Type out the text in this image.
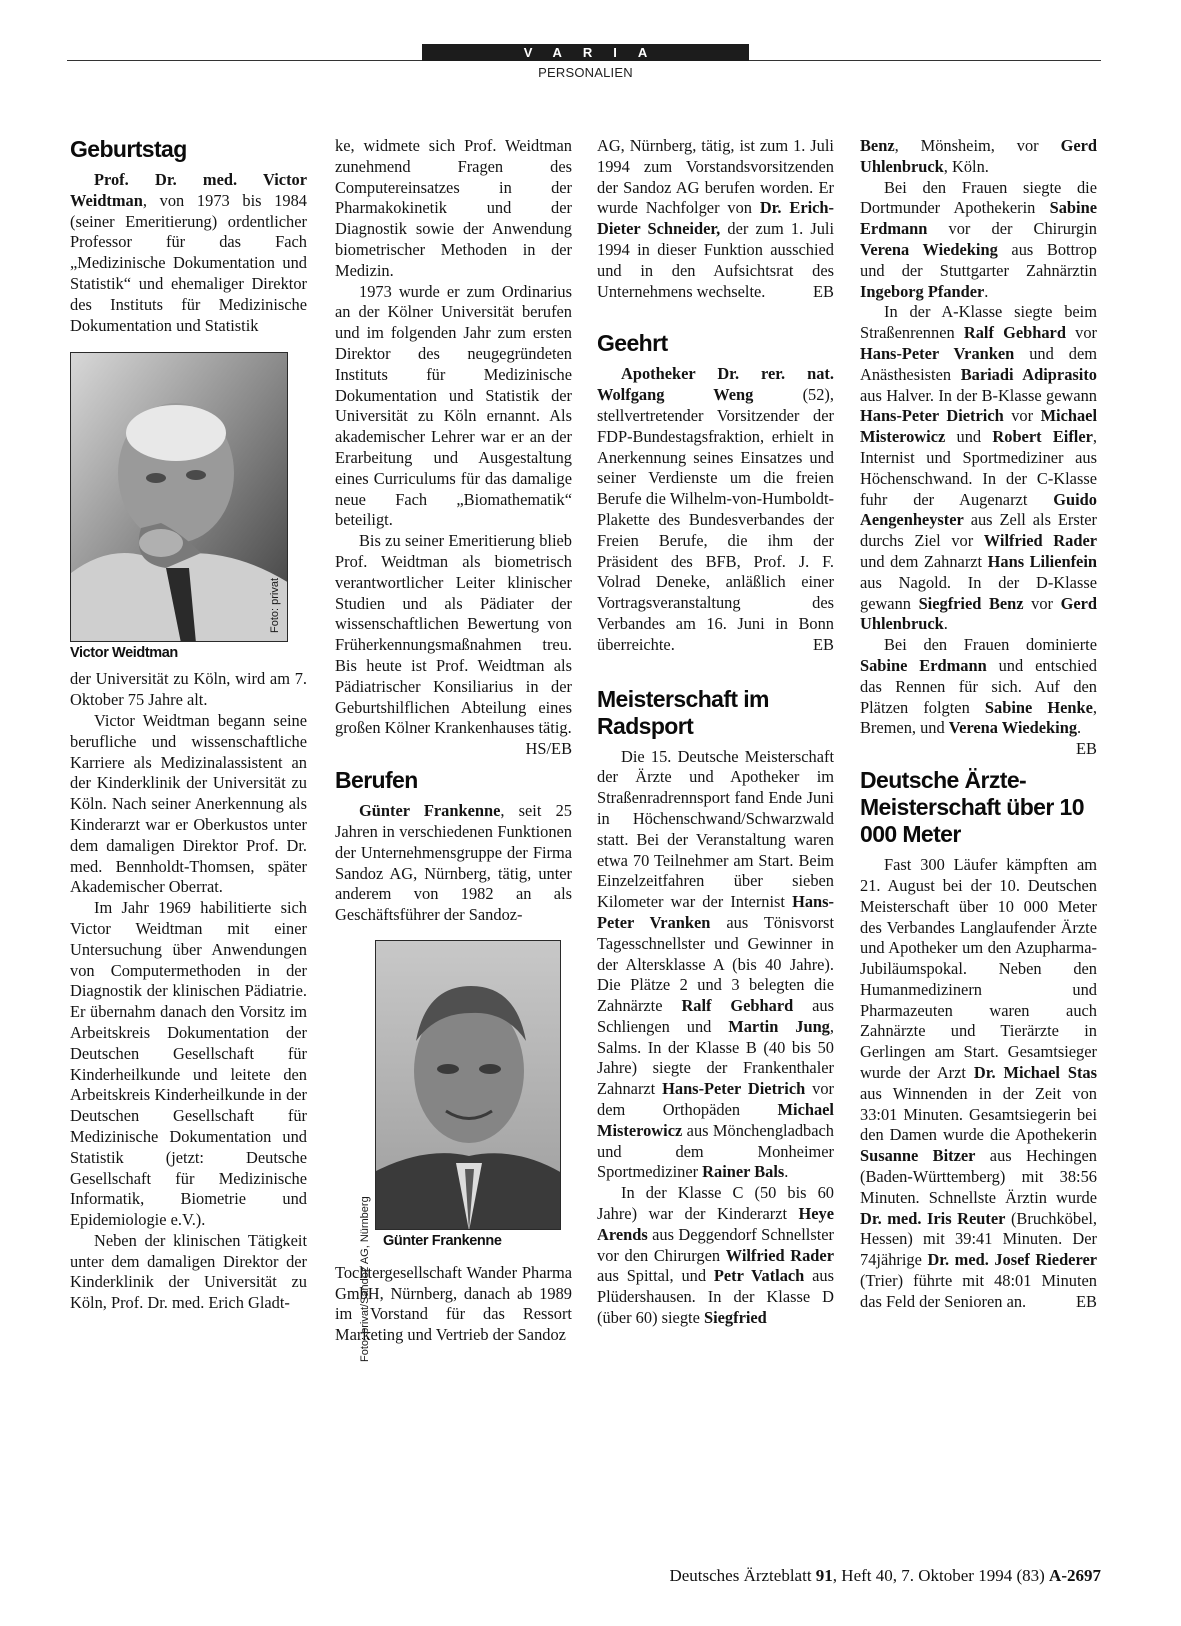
VARIA
PERSONALIEN
Geburtstag

Prof. Dr. med. Victor Weidtman, von 1973 bis 1984 (seiner Emeritierung) ordentlicher Professor für das Fach „Medizinische Dokumentation und Statistik“ und ehemaliger Direktor des Instituts für Medizinische Dokumentation und Statistik

Foto: privat
Victor Weidtman

der Universität zu Köln, wird am 7. Oktober 75 Jahre alt.

Victor Weidtman begann seine berufliche und wissenschaftliche Karriere als Medizinalassistent an der Kinderklinik der Universität zu Köln. Nach seiner Anerkennung als Kinderarzt war er Oberkustos unter dem damaligen Direktor Prof. Dr. med. Bennholdt-Thomsen, später Akademischer Oberrat.

Im Jahr 1969 habilitierte sich Victor Weidtman mit einer Untersuchung über Anwendungen von Computermethoden in der Diagnostik der klinischen Pädiatrie. Er übernahm danach den Vorsitz im Arbeitskreis Dokumentation der Deutschen Gesellschaft für Kinderheilkunde und leitete den Arbeitskreis Kinderheilkunde in der Deutschen Gesellschaft für Medizinische Dokumentation und Statistik (jetzt: Deutsche Gesellschaft für Medizinische Informatik, Biometrie und Epidemiologie e.V.).

Neben der klinischen Tätigkeit unter dem damaligen Direktor der Kinderklinik der Universität zu Köln, Prof. Dr. med. Erich Gladt-

ke, widmete sich Prof. Weidtman zunehmend Fragen des Computereinsatzes in der Pharmakokinetik und der Diagnostik sowie der Anwendung biometrischer Methoden in der Medizin.

1973 wurde er zum Ordinarius an der Kölner Universität berufen und im folgenden Jahr zum ersten Direktor des neugegründeten Instituts für Medizinische Dokumentation und Statistik der Universität zu Köln ernannt. Als akademischer Lehrer war er an der Erarbeitung und Ausgestaltung eines Curriculums für das damalige neue Fach „Biomathematik“ beteiligt.

Bis zu seiner Emeritierung blieb Prof. Weidtman als biometrisch verantwortlicher Leiter klinischer Studien und als Pädiater der wissenschaftlichen Bewertung von Früherkennungsmaßnahmen treu. Bis heute ist Prof. Weidtman als Pädiatrischer Konsiliarius in der Geburtshilflichen Abteilung eines großen Kölner Krankenhauses tätig.
HS/EB

Berufen

Günter Frankenne, seit 25 Jahren in verschiedenen Funktionen der Unternehmensgruppe der Firma Sandoz AG, Nürnberg, tätig, unter anderem von 1982 an als Geschäftsführer der Sandoz-

Günter Frankenne

Tochtergesellschaft Wander Pharma GmbH, Nürnberg, danach ab 1989 im Vorstand für das Ressort Marketing und Vertrieb der Sandoz

Foto: privat/Sandoz AG, Nürnberg

AG, Nürnberg, tätig, ist zum 1. Juli 1994 zum Vorstandsvorsitzenden der Sandoz AG berufen worden. Er wurde Nachfolger von Dr. Erich-Dieter Schneider, der zum 1. Juli 1994 in dieser Funktion ausschied und in den Aufsichtsrat des Unternehmens wechselte.	EB

Geehrt

Apotheker Dr. rer. nat. Wolfgang Weng (52), stellvertretender Vorsitzender der FDP-Bundestagsfraktion, erhielt in Anerkennung seines Einsatzes und seiner Verdienste um die freien Berufe die Wilhelm-von-Humboldt-Plakette des Bundesverbandes der Freien Berufe, die ihm der Präsident des BFB, Prof. J. F. Volrad Deneke, anläßlich einer Vortragsveranstaltung des Verbandes am 16. Juni in Bonn überreichte.	EB

Meisterschaft im Radsport

Die 15. Deutsche Meisterschaft der Ärzte und Apotheker im Straßenradrennsport fand Ende Juni in Höchenschwand/Schwarzwald statt. Bei der Veranstaltung waren etwa 70 Teilnehmer am Start. Beim Einzelzeitfahren über sieben Kilometer war der Internist Hans-Peter Vranken aus Tönisvorst Tagesschnellster und Gewinner in der Altersklasse A (bis 40 Jahre). Die Plätze 2 und 3 belegten die Zahnärzte Ralf Gebhard aus Schliengen und Martin Jung, Salms. In der Klasse B (40 bis 50 Jahre) siegte der Frankenthaler Zahnarzt Hans-Peter Dietrich vor dem Orthopäden Michael Misterowicz aus Mönchengladbach und dem Monheimer Sportmediziner Rainer Bals.

In der Klasse C (50 bis 60 Jahre) war der Kinderarzt Heye Arends aus Deggendorf Schnellster vor den Chirurgen Wilfried Rader aus Spittal, und Petr Vatlach aus Plüdershausen. In der Klasse D (über 60) siegte Siegfried

Benz, Mönsheim, vor Gerd Uhlenbruck, Köln.

Bei den Frauen siegte die Dortmunder Apothekerin Sabine Erdmann vor der Chirurgin Verena Wiedeking aus Bottrop und der Stuttgarter Zahnärztin Ingeborg Pfander.

In der A-Klasse siegte beim Straßenrennen Ralf Gebhard vor Hans-Peter Vranken und dem Anästhesisten Bariadi Adiprasito aus Halver. In der B-Klasse gewann Hans-Peter Dietrich vor Michael Misterowicz und Robert Eifler, Internist und Sportmediziner aus Höchenschwand. In der C-Klasse fuhr der Augenarzt Guido Aengenheyster aus Zell als Erster durchs Ziel vor Wilfried Rader und dem Zahnarzt Hans Lilienfein aus Nagold. In der D-Klasse gewann Siegfried Benz vor Gerd Uhlenbruck.

Bei den Frauen dominierte Sabine Erdmann und entschied das Rennen für sich. Auf den Plätzen folgten Sabine Henke, Bremen, und Verena Wiedeking.
EB

Deutsche Ärzte-Meisterschaft über 10 000 Meter

Fast 300 Läufer kämpften am 21. August bei der 10. Deutschen Meisterschaft über 10 000 Meter des Verbandes Langlaufender Ärzte und Apotheker um den Azupharma-Jubiläumspokal. Neben den Humanmedizinern und Pharmazeuten waren auch Zahnärzte und Tierärzte in Gerlingen am Start. Gesamtsieger wurde der Arzt Dr. Michael Stas aus Winnenden in der Zeit von 33:01 Minuten. Gesamtsiegerin bei den Damen wurde die Apothekerin Susanne Bitzer aus Hechingen (Baden-Württemberg) mit 38:56 Minuten. Schnellste Ärztin wurde Dr. med. Iris Reuter (Bruchköbel, Hessen) mit 39:41 Minuten. Der 74jährige Dr. med. Josef Riederer (Trier) führte mit 48:01 Minuten das Feld der Senioren an.	EB

Deutsches Ärzteblatt 91, Heft 40, 7. Oktober 1994 (83) A-2697
